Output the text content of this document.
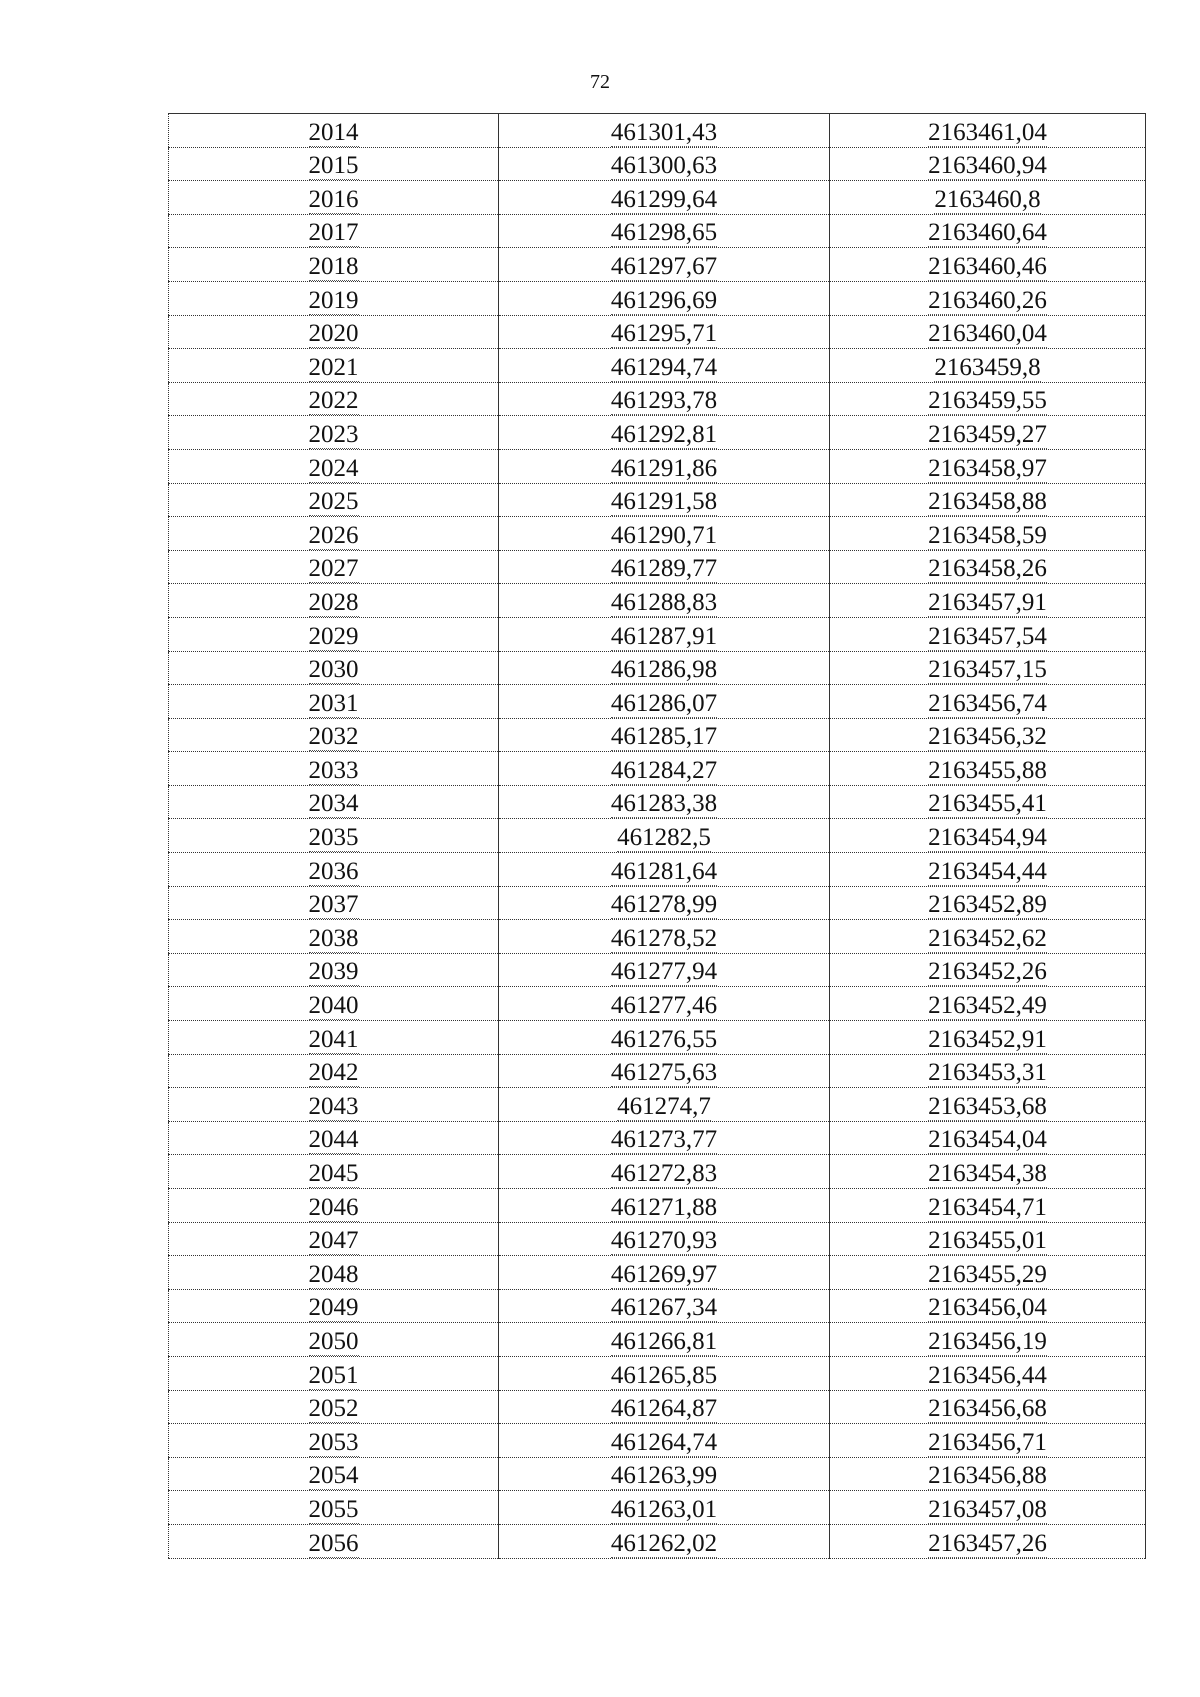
72
2014	461301,43	2163461,04
2015	461300,63	2163460,94
2016	461299,64	2163460,8
2017	461298,65	2163460,64
2018	461297,67	2163460,46
2019	461296,69	2163460,26
2020	461295,71	2163460,04
2021	461294,74	2163459,8
2022	461293,78	2163459,55
2023	461292,81	2163459,27
2024	461291,86	2163458,97
2025	461291,58	2163458,88
2026	461290,71	2163458,59
2027	461289,77	2163458,26
2028	461288,83	2163457,91
2029	461287,91	2163457,54
2030	461286,98	2163457,15
2031	461286,07	2163456,74
2032	461285,17	2163456,32
2033	461284,27	2163455,88
2034	461283,38	2163455,41
2035	461282,5	2163454,94
2036	461281,64	2163454,44
2037	461278,99	2163452,89
2038	461278,52	2163452,62
2039	461277,94	2163452,26
2040	461277,46	2163452,49
2041	461276,55	2163452,91
2042	461275,63	2163453,31
2043	461274,7	2163453,68
2044	461273,77	2163454,04
2045	461272,83	2163454,38
2046	461271,88	2163454,71
2047	461270,93	2163455,01
2048	461269,97	2163455,29
2049	461267,34	2163456,04
2050	461266,81	2163456,19
2051	461265,85	2163456,44
2052	461264,87	2163456,68
2053	461264,74	2163456,71
2054	461263,99	2163456,88
2055	461263,01	2163457,08
2056	461262,02	2163457,26
